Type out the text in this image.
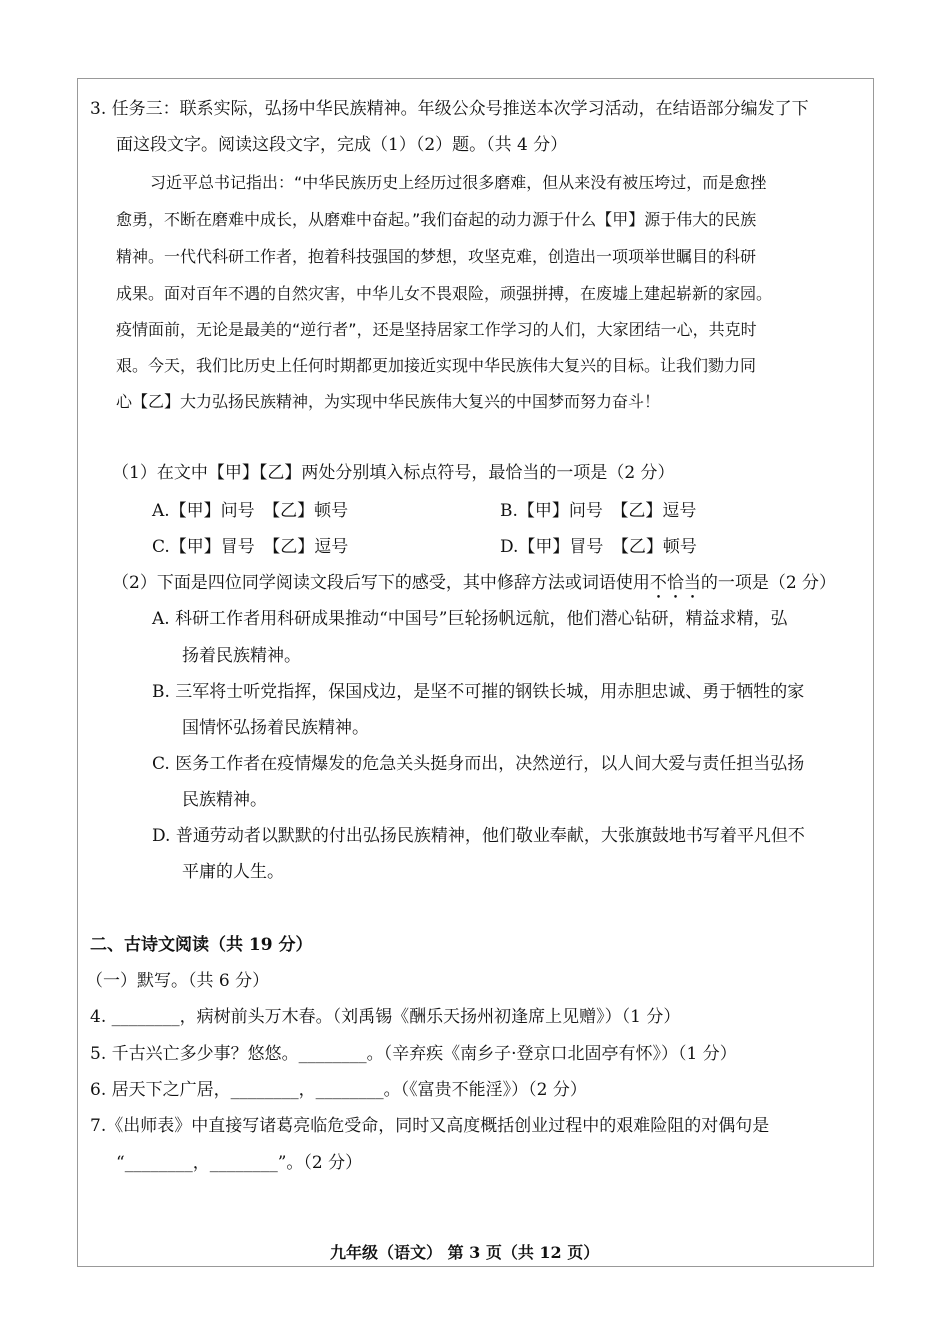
3. 任务三：联系实际，弘扬中华民族精神。年级公众号推送本次学习活动，在结语部分编发了下
面这段文字。阅读这段文字，完成（1）（2）题。（共 4 分）
习近平总书记指出：“中华民族历史上经历过很多磨难，但从来没有被压垮过，而是愈挫
愈勇，不断在磨难中成长，从磨难中奋起。”我们奋起的动力源于什么【甲】源于伟大的民族
精神。一代代科研工作者，抱着科技强国的梦想，攻坚克难，创造出一项项举世瞩目的科研
成果。面对百年不遇的自然灾害，中华儿女不畏艰险，顽强拼搏，在废墟上建起崭新的家园。
疫情面前，无论是最美的“逆行者”，还是坚持居家工作学习的人们，大家团结一心，共克时
艰。今天，我们比历史上任何时期都更加接近实现中华民族伟大复兴的目标。让我们勠力同
心【乙】大力弘扬民族精神，为实现中华民族伟大复兴的中国梦而努力奋斗！
（1）在文中【甲】【乙】两处分别填入标点符号，最恰当的一项是（2 分）
A.【甲】问号　【乙】顿号	B.【甲】问号　【乙】逗号
C.【甲】冒号　【乙】逗号	D.【甲】冒号　【乙】顿号
（2）下面是四位同学阅读文段后写下的感受，其中修辞方法或词语使用不恰当的一项是（2 分）
A. 科研工作者用科研成果推动“中国号”巨轮扬帆远航，他们潜心钻研，精益求精，弘
扬着民族精神。
B. 三军将士听党指挥，保国戍边，是坚不可摧的钢铁长城，用赤胆忠诚、勇于牺牲的家
国情怀弘扬着民族精神。
C. 医务工作者在疫情爆发的危急关头挺身而出，决然逆行，以人间大爱与责任担当弘扬
民族精神。
D. 普通劳动者以默默的付出弘扬民族精神，他们敬业奉献，大张旗鼓地书写着平凡但不
平庸的人生。
二、古诗文阅读（共 19 分）
（一）默写。（共 6 分）
4. ________，病树前头万木春。（刘禹锡《酬乐天扬州初逢席上见赠》）（1 分）
5. 千古兴亡多少事？悠悠。________。（辛弃疾《南乡子·登京口北固亭有怀》）（1 分）
6. 居天下之广居，________，________。（《富贵不能淫》）（2 分）
7.《出师表》中直接写诸葛亮临危受命，同时又高度概括创业过程中的艰难险阻的对偶句是
“________，________”。（2 分）
九年级（语文） 第 3 页（共 12 页）
